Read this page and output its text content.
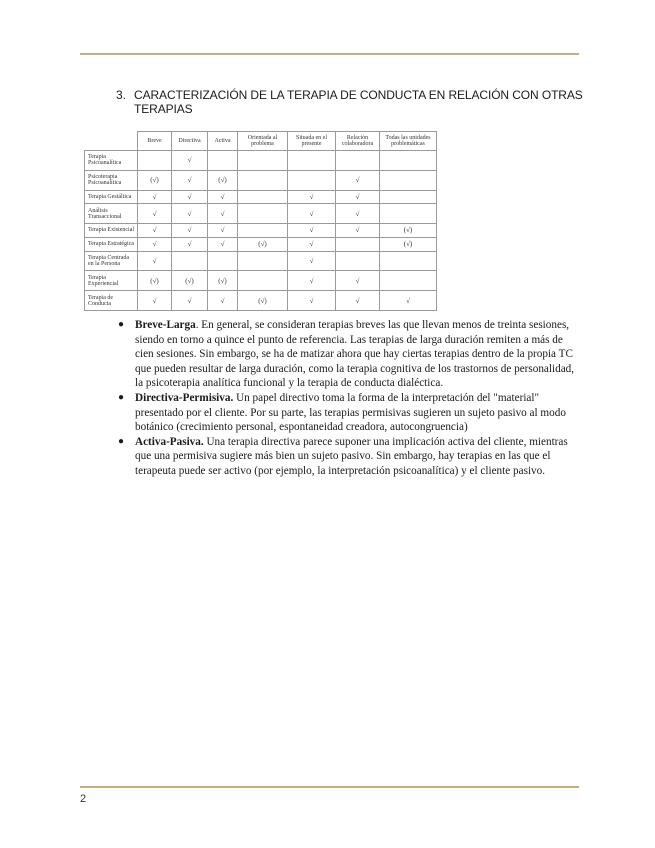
3. CARACTERIZACIÓN DE LA TERAPIA DE CONDUCTA EN RELACIÓN CON OTRAS TERAPIAS
	Breve	Directiva	Activa	Orientada al problema	Situada en el presente	Relación colaboradora	Todas las unidades problemáticas
Terapia Psicoanalítica		√					
Psicoterapia Psicoanalítica	(√)	√	(√)			√	
Terapia Gestáltica	√	√	√		√	√	
Análisis Transaccional	√	√	√		√	√	
Terapia Existencial	√	√	√		√	√	(√)
Terapia Estratégica	√	√	√	(√)	√		(√)
Terapia Centrada en la Persona	√				√		
Terapia Experiencial	(√)	(√)	(√)		√	√	
Terapia de Conducta	√	√	√	(√)	√	√	√
● Breve-Larga. En general, se consideran terapias breves las que llevan menos de treinta sesiones, siendo en torno a quince el punto de referencia. Las terapias de larga duración remiten a más de cien sesiones. Sin embargo, se ha de matizar ahora que hay ciertas terapias dentro de la propia TC que pueden resultar de larga duración, como la terapia cognitiva de los trastornos de personalidad, la psicoterapia analítica funcional y la terapia de conducta dialéctica.
● Directiva-Permisiva. Un papel directivo toma la forma de la interpretación del "material" presentado por el cliente. Por su parte, las terapias permisivas sugieren un sujeto pasivo al modo botánico (crecimiento personal, espontaneidad creadora, autocongruencia)
● Activa-Pasiva. Una terapia directiva parece suponer una implicación activa del cliente, mientras que una permisiva sugiere más bien un sujeto pasivo. Sin embargo, hay terapias en las que el terapeuta puede ser activo (por ejemplo, la interpretación psicoanalítica) y el cliente pasivo.
2
